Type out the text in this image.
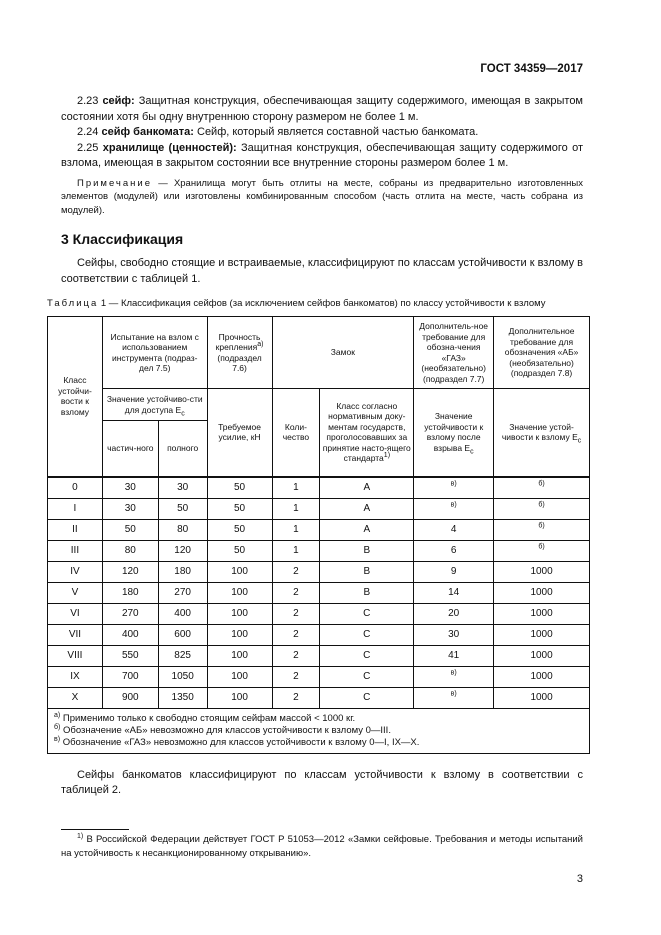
ГОСТ 34359—2017
2.23 сейф: Защитная конструкция, обеспечивающая защиту содержимого, имеющая в закрытом состоянии хотя бы одну внутреннюю сторону размером не более 1 м.
2.24 сейф банкомата: Сейф, который является составной частью банкомата.
2.25 хранилище (ценностей): Защитная конструкция, обеспечивающая защиту содержимого от взлома, имеющая в закрытом состоянии все внутренние стороны размером более 1 м.
Примечание — Хранилища могут быть отлиты на месте, собраны из предварительно изготовленных элементов (модулей) или изготовлены комбинированным способом (часть отлита на месте, часть собрана из модулей).
3 Классификация
Сейфы, свободно стоящие и встраиваемые, классифицируют по классам устойчивости к взлому в соответствии с таблицей 1.
Таблица 1 — Классификация сейфов (за исключением сейфов банкоматов) по классу устойчивости к взлому
Класс устойчи-вости к взлому	Испытание на взлом с использованием инструмента (подраз-дел 7.5)		Прочность крепления$^{а)}$
(подраздел 7.6)	Замок		Дополнитель-ное требование для обозна-чения «ГАЗ» (необязательно) (подраздел 7.7)	Дополнительное требование для обозначения «АБ» (необязательно) (подраздел 7.8)
	Значение устойчиво-сти для доступа $E_c$		Требуемое усилие, кН	Коли-чество	Класс согласно нормативным доку-ментам государств, проголосовавших за принятие насто-ящего стандарта$^{1)}$	Значение устойчивости к взлому после взрыва $E_c$	Значение устой-чивости к взлому $E_c$
	частич-ного	полного					
0	30	30	50	1	A	$^{в)}$	$^{б)}$
I	30	50	50	1	A	$^{в)}$	$^{б)}$
II	50	80	50	1	A	4	$^{б)}$
III	80	120	50	1	B	6	$^{б)}$
IV	120	180	100	2	B	9	1000
V	180	270	100	2	B	14	1000
VI	270	400	100	2	C	20	1000
VII	400	600	100	2	C	30	1000
VIII	550	825	100	2	C	41	1000
IX	700	1050	100	2	C	$^{в)}$	1000
X	900	1350	100	2	C	$^{в)}$	1000

$^{а)}$ Применимо только к свободно стоящим сейфам массой < 1000 кг.
$^{б)}$ Обозначение «АБ» невозможно для классов устойчивости к взлому 0—III.
$^{в)}$ Обозначение «ГАЗ» невозможно для классов устойчивости к взлому 0—I, IX—X.							
Сейфы банкоматов классифицируют по классам устойчивости к взлому в соответствии с таблицей 2.
$^{1)}$ В Российской Федерации действует ГОСТ Р 51053—2012 «Замки сейфовые. Требования и методы испытаний на устойчивость к несанкционированному открыванию».
3
